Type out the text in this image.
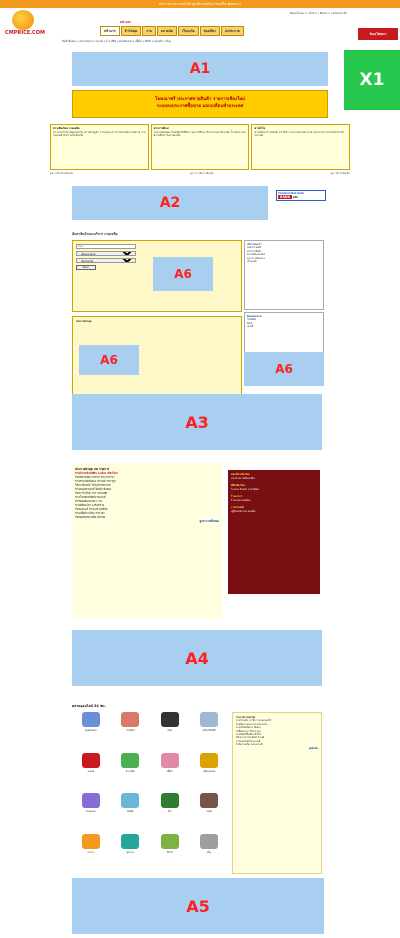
ประกาศราคาออนไลน์ ศูนย์รวมธุรกิจภาคเหนือ ติดต่อเรา
CMPRICE.COM
ติดต่อโฆษณา | แจ้งข่าว | ติดต่อเรา | สมัครสมาชิก
หน้าแรก
หน้าแรก	E-Shop	งาน	ตลาดนัด	เว็บบอร์ด	ท่องเที่ยว	ลงประกาศ
รับลงโฆษณา
สินค้ามือสอง | ประกาศขาย | รถยนต์ | บ้าน ที่ดิน | คอมพิวเตอร์ | เสื้อผ้า | มือถือ | ท่องเที่ยว | อื่นๆ
A1
X1
โฆษณาฟรี ประกาศขายสินค้า รายการเชียงใหม่
ระบบลงประกาศซื้อขาย แลกเปลี่ยนทั่วประเทศ
ข่าวเชียงใหม่ ภาคเหนือ
ข่าวประจำวัน อัพเดททุกวัน ข่าวเศรษฐกิจ การลงทุน ข่าวการท่องเที่ยว เทศกาล งานประเพณี กิจกรรมในจังหวัด
ข่าวการศึกษา
ประกาศผลสอบ รับสมัครนักศึกษา ทุนการศึกษา กิจกรรมมหาวิทยาลัย โรงเรียน และสถานศึกษาในภาคเหนือ
ข่าวทั่วไป
ข่าวสังคม ข่าวบันเทิง ข่าวกีฬา รายงานสภาพอากาศ และข่าวสารน่าสนใจจากทั่วประเทศ
ดูข่าวเชียงใหม่เพิ่มเติม	ดูข่าวการศึกษาเพิ่มเติม	ดูข่าวทั่วไปเพิ่มเติม
A2
Thailand Web Rank
RANK 266
ค้นหาสินค้าและบริการ ภาคเหนือ
ค้นหา
เลือกหมวดหมู่
เลือกจังหวัด
ค้นหา	A6
ประกาศล่าสุด
A6
บริการของเรา
ลงประกาศฟรี
ฝากขายสินค้า
ตลาดนัดออนไลน์
หางาน สมัครงาน
เว็บบอร์ด
ติดต่อสอบถาม
โทรศัพท์
อีเมล์
แผนที่
A6
A3
ประกาศล่าสุด 20 รายการ
ขายบ้านพร้อมที่ดิน อ.เมือง เชียงใหม่
รับสมัครพนักงานขาย ประจำสาขา
ขายรถยนต์มือสอง สภาพดี ราคาถูก
ให้เช่าห้องพัก ใกล้มหาวิทยาลัย
ขายคอมพิวเตอร์โน้ตบุ๊ก มือสอง
รับทำเว็บไซต์ ราคาประหยัด
ขายโทรศัพท์มือถือ ของแท้
ทัวร์ดอยอินทนนท์ 1 วัน
ขายที่ดินเปล่า อ.สันทราย
รับซ่อมแอร์ ล้างแอร์ ทุกยี่ห้อ
ขายเสื้อผ้าแฟชั่น ราคาส่ง
รับสอนพิเศษ คณิต อังกฤษ
ดูประกาศทั้งหมด
ท่องเที่ยวเชียงใหม่
แนะนำสถานที่ท่องเที่ยว
ที่พักเชียงใหม่
โรงแรม รีสอร์ท ราคาพิเศษ
ร้านอาหาร
ร้านอร่อย ยอดนิยม
งานประเพณี
ปฏิทินเทศกาลภาคเหนือ
A4
ตลาดออนไลน์ 24 ชม.
คอมพิวเตอร์	โทรศัพท์	กล้อง	เครื่องใช้ไฟฟ้า
รถยนต์	บ้าน ที่ดิน	เสื้อผ้า	เครื่องประดับ
ของสะสม	หนังสือ	กีฬา	ดนตรี
อาหาร	สุขภาพ	ต้นไม้	อื่นๆ
ประกาศจากสมาชิก
ขายบ้านเดี่ยว 2 ชั้น ราคาต่อรองได้
รับสมัครงานด่วน หลายตำแหน่ง
ขายเครื่องมือช่าง มือสอง
รับซื้อของเก่า ให้ราคาสูง
ขายสินค้าพื้นเมือง ผ้าฝ้าย
ให้เช่าอาคารพาณิชย์ ทำเลดี
ขายมอเตอร์ไซค์ สภาพดี
รับจัดงานเลี้ยง นอกสถานที่
ดูเพิ่มเติม
A5
